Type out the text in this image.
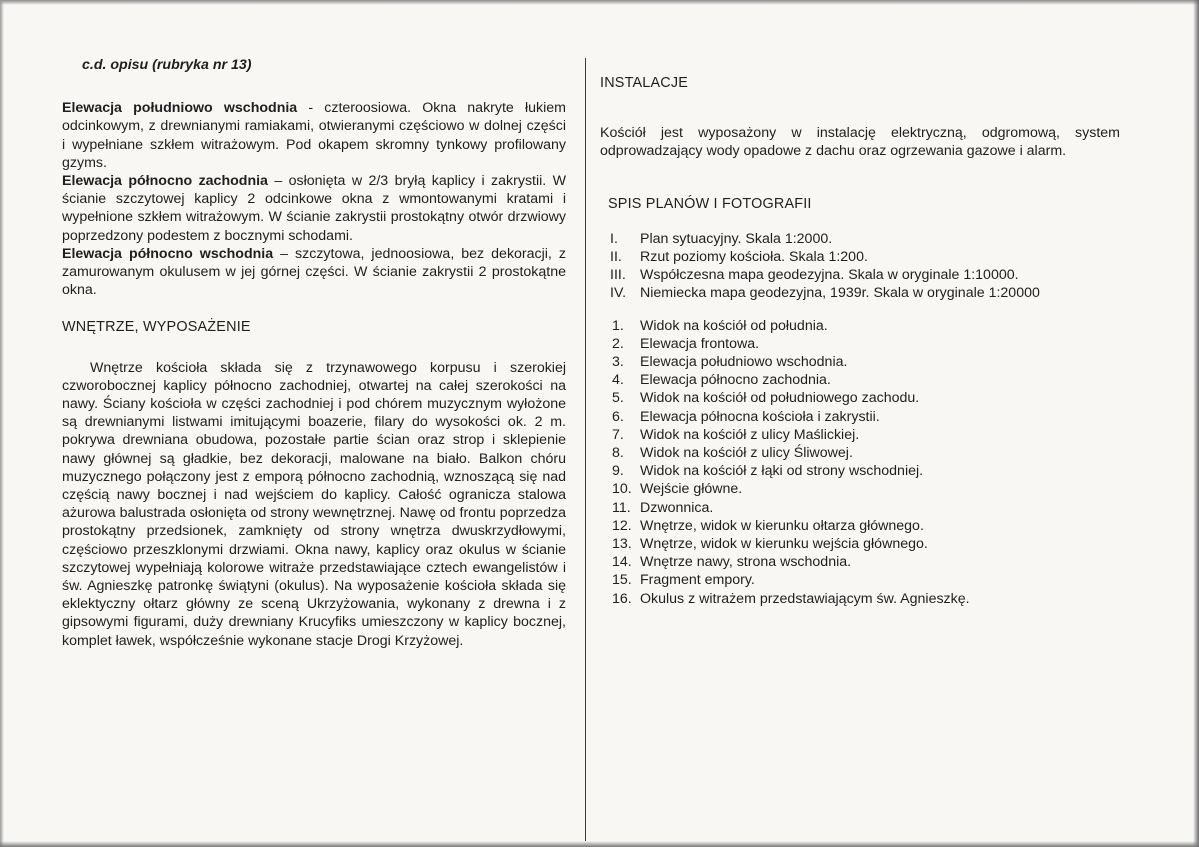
c.d. opisu (rubryka nr 13)

Elewacja południowo wschodnia - czteroosiowa. Okna nakryte łukiem odcinkowym, z drewnianymi ramiakami, otwieranymi częściowo w dolnej części i wypełniane szkłem witrażowym. Pod okapem skromny tynkowy profilowany gzyms.

Elewacja północno zachodnia – osłonięta w 2/3 bryłą kaplicy i zakrystii. W ścianie szczytowej kaplicy 2 odcinkowe okna z wmontowanymi kratami i wypełnione szkłem witrażowym. W ścianie zakrystii prostokątny otwór drzwiowy poprzedzony podestem z bocznymi schodami.

Elewacja północno wschodnia – szczytowa, jednoosiowa, bez dekoracji, z zamurowanym okulusem w jej górnej części. W ścianie zakrystii 2 prostokątne okna.

WNĘTRZE, WYPOSAŻENIE

Wnętrze kościoła składa się z trzynawowego korpusu i szerokiej czworobocznej kaplicy północno zachodniej, otwartej na całej szerokości na nawy. Ściany kościoła w części zachodniej i pod chórem muzycznym wyłożone są drewnianymi listwami imitującymi boazerie, filary do wysokości ok. 2 m. pokrywa drewniana obudowa, pozostałe partie ścian oraz strop i sklepienie nawy głównej są gładkie, bez dekoracji, malowane na biało. Balkon chóru muzycznego połączony jest z emporą północno zachodnią, wznoszącą się nad częścią nawy bocznej i nad wejściem do kaplicy. Całość ogranicza stalowa ażurowa balustrada osłonięta od strony wewnętrznej. Nawę od frontu poprzedza prostokątny przedsionek, zamknięty od strony wnętrza dwuskrzydłowymi, częściowo przeszklonymi drzwiami. Okna nawy, kaplicy oraz okulus w ścianie szczytowej wypełniają kolorowe witraże przedstawiające cztech ewangelistów i św. Agnieszkę patronkę świątyni (okulus). Na wyposażenie kościoła składa się eklektyczny ołtarz główny ze sceną Ukrzyżowania, wykonany z drewna i z gipsowymi figurami, duży drewniany Krucyfiks umieszczony w kaplicy bocznej, komplet ławek, współcześnie wykonane stacje Drogi Krzyżowej.

INSTALACJE

Kościół jest wyposażony w instalację elektryczną, odgromową, system odprowadzający wody opadowe z dachu oraz ogrzewania gazowe i alarm.

SPIS PLANÓW I FOTOGRAFII

I.	Plan sytuacyjny. Skala 1:2000.
II.	Rzut poziomy kościoła. Skala 1:200.
III.	Współczesna mapa geodezyjna. Skala w oryginale 1:10000.
IV. Niemiecka mapa geodezyjna, 1939r. Skala w oryginale 1:20000
1.	Widok na kościół od południa.
2.	Elewacja frontowa.
3.	Elewacja południowo wschodnia.
4.	Elewacja północno zachodnia.
5.	Widok na kościół od południowego zachodu.
6.	Elewacja północna kościoła i zakrystii.
7.	Widok na kościół z ulicy Maślickiej.
8.	Widok na kościół z ulicy Śliwowej.
9.	Widok na kościół z łąki od strony wschodniej.
10. Wejście główne.
11. Dzwonnica.
12. Wnętrze, widok w kierunku ołtarza głównego.
13. Wnętrze, widok w kierunku wejścia głównego.
14. Wnętrze nawy, strona wschodnia.
15. Fragment empory.
16. Okulus z witrażem przedstawiającym św. Agnieszkę.
